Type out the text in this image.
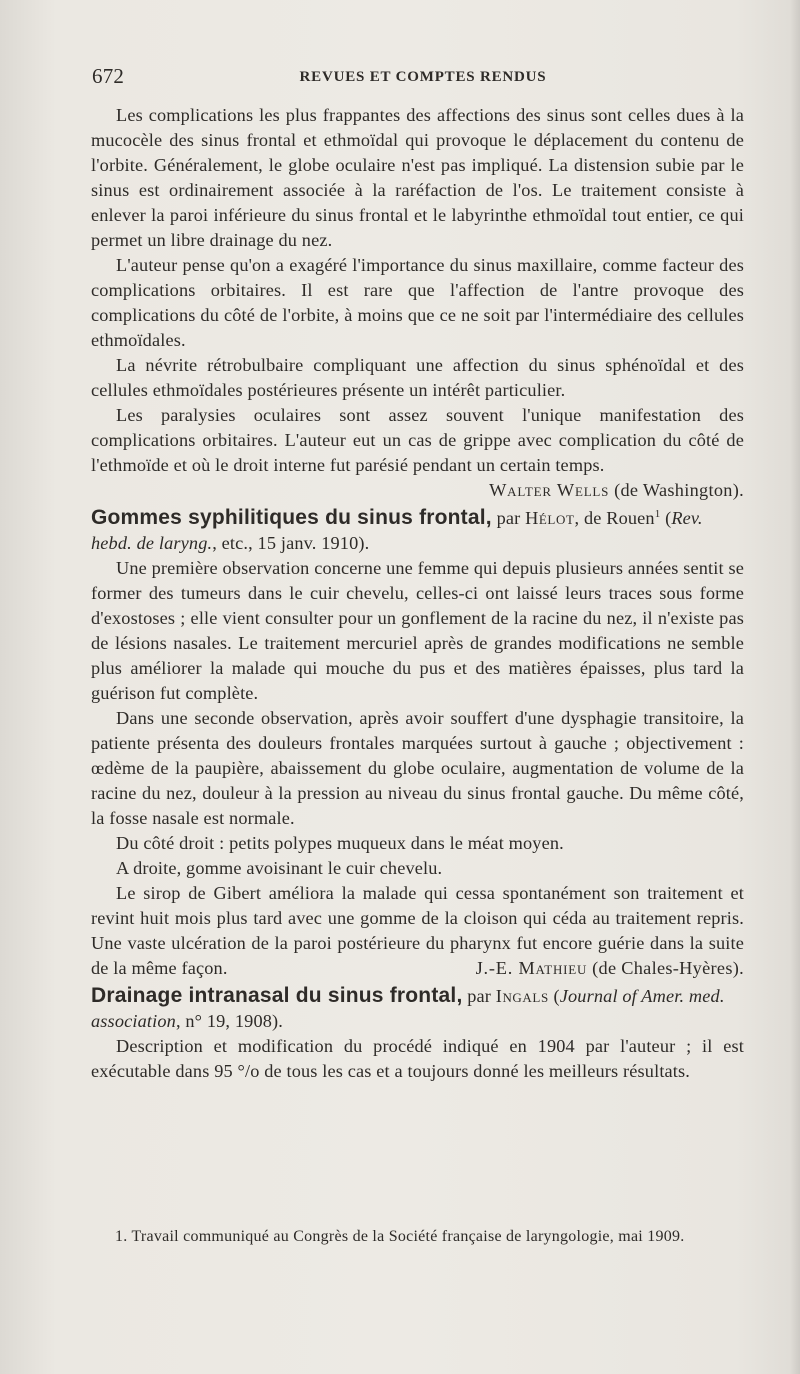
672	REVUES ET COMPTES RENDUS

Les complications les plus frappantes des affections des sinus sont celles dues à la mucocèle des sinus frontal et ethmoïdal qui provoque le déplacement du contenu de l'orbite. Généralement, le globe oculaire n'est pas impliqué. La distension subie par le sinus est ordinairement associée à la raréfaction de l'os. Le traitement consiste à enlever la paroi inférieure du sinus frontal et le labyrinthe ethmoïdal tout entier, ce qui permet un libre drainage du nez.

L'auteur pense qu'on a exagéré l'importance du sinus maxillaire, comme facteur des complications orbitaires. Il est rare que l'affection de l'antre provoque des complications du côté de l'orbite, à moins que ce ne soit par l'intermédiaire des cellules ethmoïdales.

La névrite rétrobulbaire compliquant une affection du sinus sphénoïdal et des cellules ethmoïdales postérieures présente un intérêt particulier.

Les paralysies oculaires sont assez souvent l'unique manifestation des complications orbitaires. L'auteur eut un cas de grippe avec complication du côté de l'ethmoïde et où le droit interne fut parésié pendant un certain temps.
Walter Wells (de Washington).

Gommes syphilitiques du sinus frontal, par Hélot, de Rouen$^1$ (Rev. hebd. de laryng., etc., 15 janv. 1910).

Une première observation concerne une femme qui depuis plusieurs années sentit se former des tumeurs dans le cuir chevelu, celles-ci ont laissé leurs traces sous forme d'exostoses ; elle vient consulter pour un gonflement de la racine du nez, il n'existe pas de lésions nasales. Le traitement mercuriel après de grandes modifications ne semble plus améliorer la malade qui mouche du pus et des matières épaisses, plus tard la guérison fut complète.

Dans une seconde observation, après avoir souffert d'une dysphagie transitoire, la patiente présenta des douleurs frontales marquées surtout à gauche ; objectivement : œdème de la paupière, abaissement du globe oculaire, augmentation de volume de la racine du nez, douleur à la pression au niveau du sinus frontal gauche. Du même côté, la fosse nasale est normale.

Du côté droit : petits polypes muqueux dans le méat moyen.

A droite, gomme avoisinant le cuir chevelu.

Le sirop de Gibert améliora la malade qui cessa spontanément son traitement et revint huit mois plus tard avec une gomme de la cloison qui céda au traitement repris. Une vaste ulcération de la paroi postérieure du pharynx fut encore guérie dans la suite de la même façon.	J.-E. Mathieu (de Chales-Hyères).

Drainage intranasal du sinus frontal, par Ingals (Journal of Amer. med. association, n° 19, 1908).

Description et modification du procédé indiqué en 1904 par l'auteur ; il est exécutable dans 95 °/o de tous les cas et a toujours donné les meilleurs résultats.

1. Travail communiqué au Congrès de la Société française de laryngologie, mai 1909.
